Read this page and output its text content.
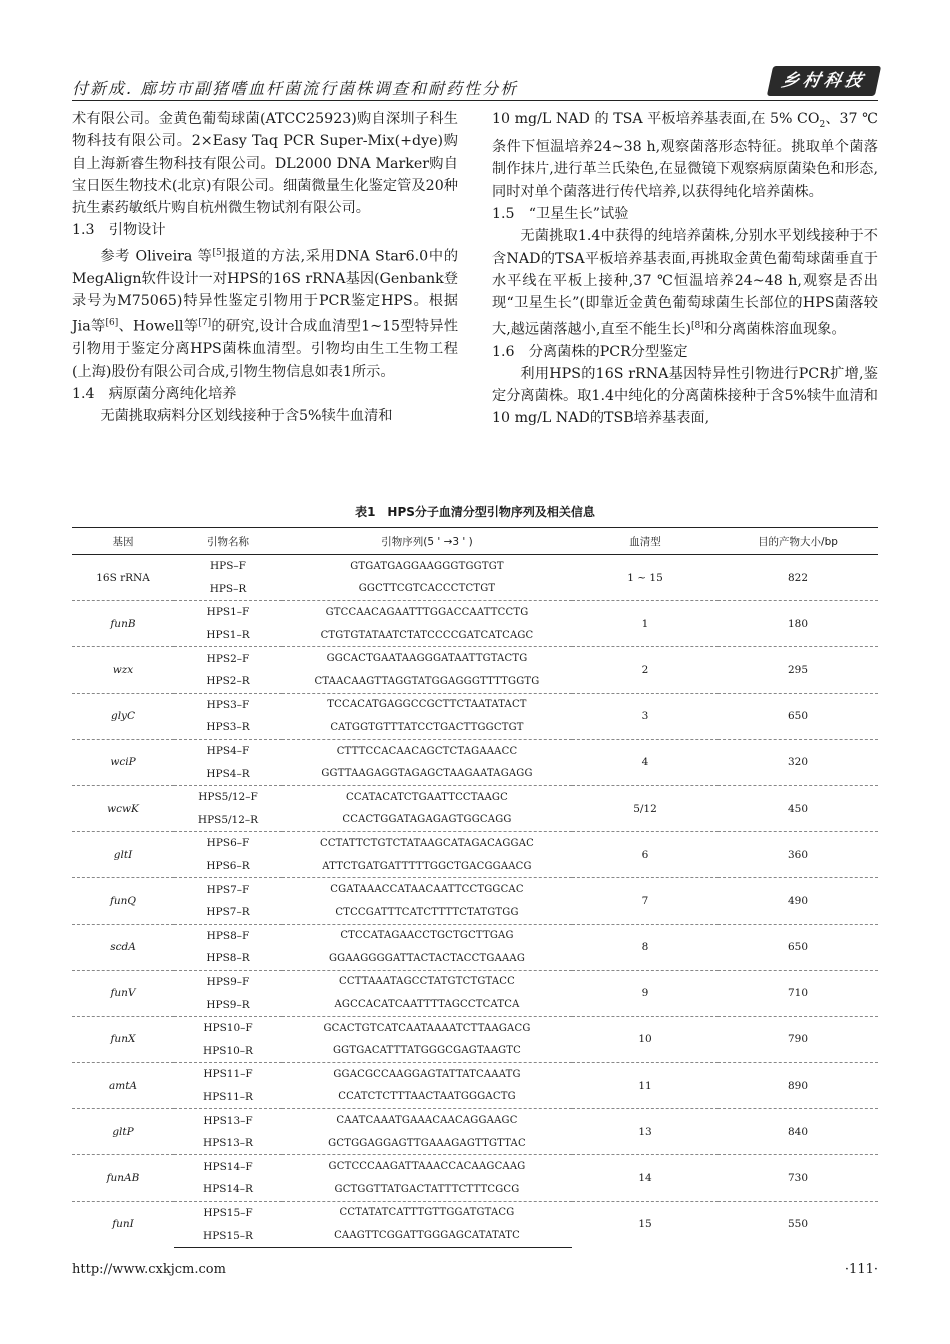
付新成. 廊坊市副猪嗜血杆菌流行菌株调查和耐药性分析	乡村科技

术有限公司。金黄色葡萄球菌(ATCC25923)购自深圳子科生物科技有限公司。2×Easy Taq PCR Super-Mix(+dye)购自上海新睿生物科技有限公司。DL2000 DNA Marker购自宝日医生物技术(北京)有限公司。细菌微量生化鉴定管及20种抗生素药敏纸片购自杭州微生物试剂有限公司。

1.3　引物设计

参考 Oliveira 等[5]报道的方法,采用DNA Star6.0中的MegAlign软件设计一对HPS的16S rRNA基因(Genbank登录号为M75065)特异性鉴定引物用于PCR鉴定HPS。根据Jia等[6]、Howell等[7]的研究,设计合成血清型1~15型特异性引物用于鉴定分离HPS菌株血清型。引物均由生工生物工程(上海)股份有限公司合成,引物生物信息如表1所示。

1.4　病原菌分离纯化培养

无菌挑取病料分区划线接种于含5%犊牛血清和

10 mg/L NAD 的 TSA 平板培养基表面,在 5% $CO_2$、37 ℃条件下恒温培养24~38 h,观察菌落形态特征。挑取单个菌落制作抹片,进行革兰氏染色,在显微镜下观察病原菌染色和形态,同时对单个菌落进行传代培养,以获得纯化培养菌株。

1.5　“卫星生长”试验

无菌挑取1.4中获得的纯培养菌株,分别水平划线接种于不含NAD的TSA平板培养基表面,再挑取金黄色葡萄球菌垂直于水平线在平板上接种,37 ℃恒温培养24~48 h,观察是否出现“卫星生长”(即靠近金黄色葡萄球菌生长部位的HPS菌落较大,越远菌落越小,直至不能生长)[8]和分离菌株溶血现象。

1.6　分离菌株的PCR分型鉴定

利用HPS的16S rRNA基因特异性引物进行PCR扩增,鉴定分离菌株。取1.4中纯化的分离菌株接种于含5%犊牛血清和10 mg/L NAD的TSB培养基表面,

表1　HPS分子血清分型引物序列及相关信息
基因	引物名称	引物序列(5 ' →3 ' )	血清型	目的产物大小/bp
16S rRNA	HPS–F	GTGATGAGGAAGGGTGGTGT	1 ~ 15	822
	HPS–R	GGCTTCGTCACCCTCTGT		
funB	HPS1–F	GTCCAACAGAATTTGGACCAATTCCTG	1	180
	HPS1–R	CTGTGTATAATCTATCCCCGATCATCAGC		
wzx	HPS2–F	GGCACTGAATAAGGGATAATTGTACTG	2	295
	HPS2–R	CTAACAAGTTAGGTATGGAGGGTTTTGGTG		
glyC	HPS3–F	TCCACATGAGGCCGCTTCTAATATACT	3	650
	HPS3–R	CATGGTGTTTATCCTGACTTGGCTGT		
wciP	HPS4–F	CTTTCCACAACAGCTCTAGAAACC	4	320
	HPS4–R	GGTTAAGAGGTAGAGCTAAGAATAGAGG		
wcwK	HPS5/12–F	CCATACATCTGAATTCCTAAGC	5/12	450
	HPS5/12–R	CCACTGGATAGAGAGTGGCAGG		
gltI	HPS6–F	CCTATTCTGTCTATAAGCATAGACAGGAC	6	360
	HPS6–R	ATTCTGATGATTTTTGGCTGACGGAACG		
funQ	HPS7–F	CGATAAACCATAACAATTCCTGGCAC	7	490
	HPS7–R	CTCCGATTTCATCTTTTCTATGTGG		
scdA	HPS8–F	CTCCATAGAACCTGCTGCTTGAG	8	650
	HPS8–R	GGAAGGGGATTACTACTACCTGAAAG		
funV	HPS9–F	CCTTAAATAGCCTATGTCTGTACC	9	710
	HPS9–R	AGCCACATCAATTTTAGCCTCATCA		
funX	HPS10–F	GCACTGTCATCAATAAAATCTTAAGACG	10	790
	HPS10–R	GGTGACATTTATGGGCGAGTAAGTC		
amtA	HPS11–F	GGACGCCAAGGAGTATTATCAAATG	11	890
	HPS11–R	CCATCTCTTTAACTAATGGGACTG		
gltP	HPS13–F	CAATCAAATGAAACAACAGGAAGC	13	840
	HPS13–R	GCTGGAGGAGTTGAAAGAGTTGTTAC		
funAB	HPS14–F	GCTCCCAAGATTAAACCACAAGCAAG	14	730
	HPS14–R	GCTGGTTATGACTATTTCTTTCGCG		
funI	HPS15–F	CCTATATCATTTGTTGGATGTACG	15	550
	HPS15–R	CAAGTTCGGATTGGGAGCATATATC		
http://www.cxkjcm.com	·111·
